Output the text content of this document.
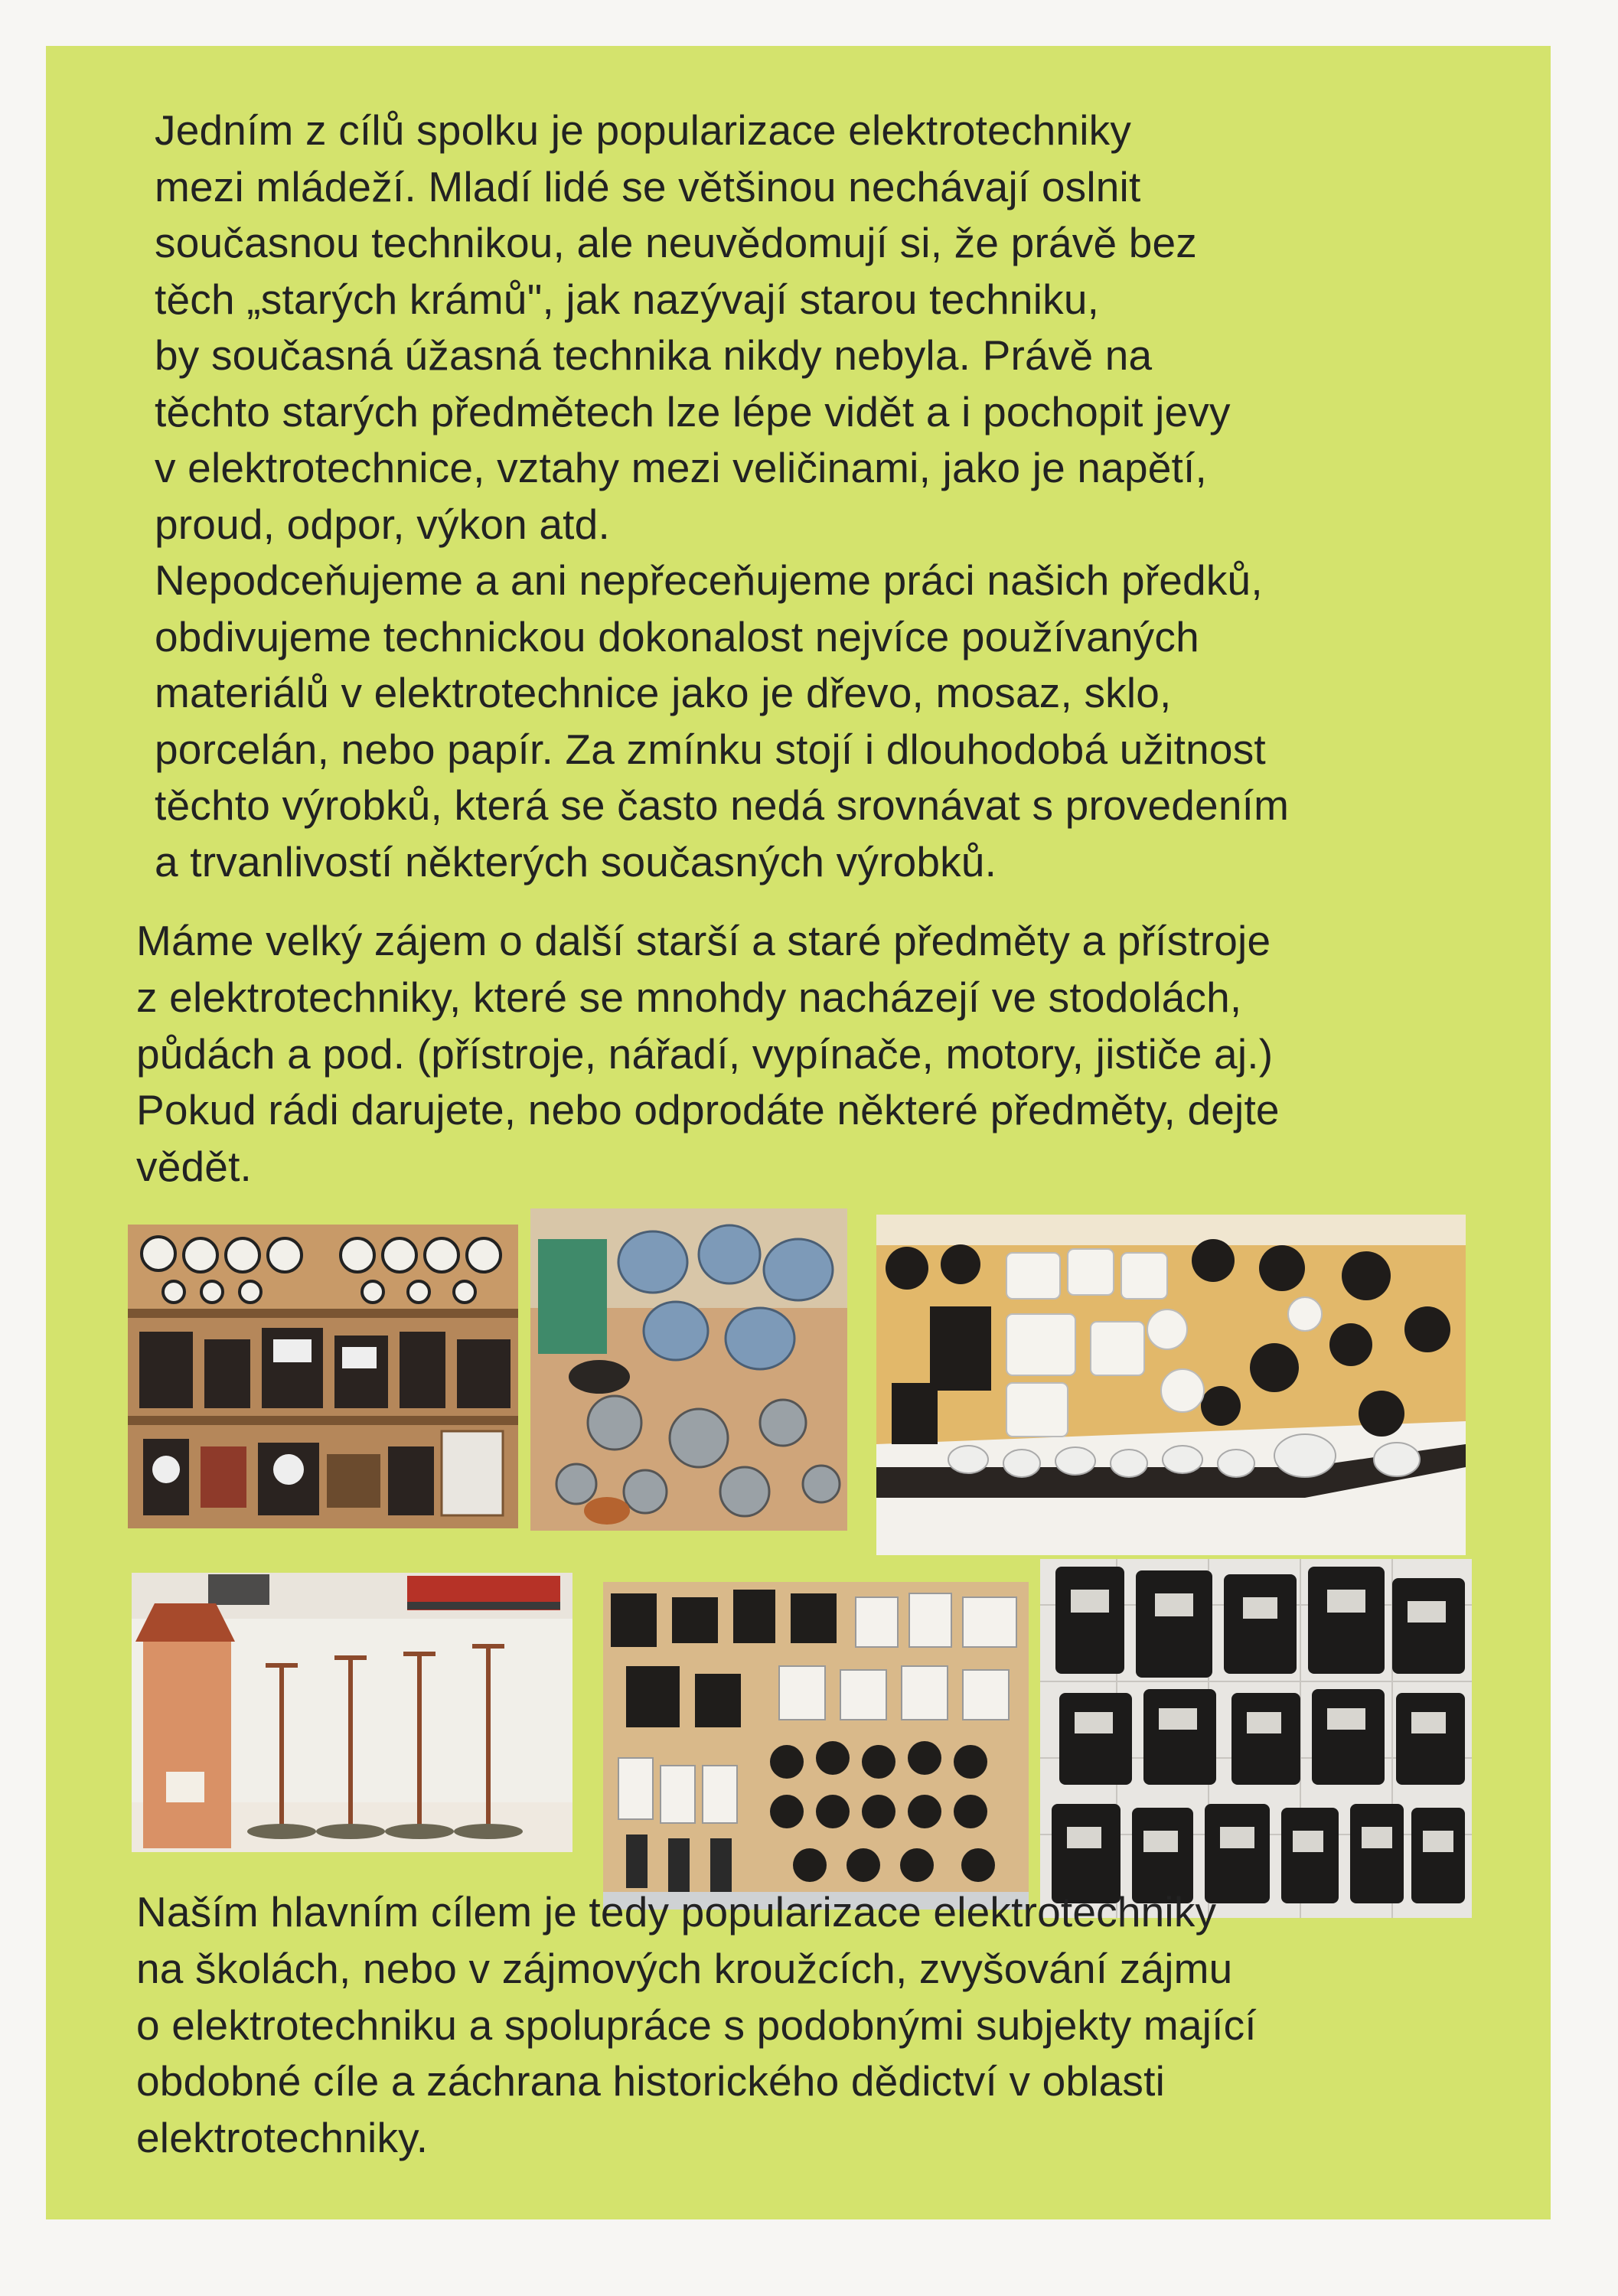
Jedním z cílů spolku je popularizace elektrotechniky
mezi mládeží. Mladí lidé se většinou nechávají oslnit
současnou technikou, ale neuvědomují si, že právě bez
těch „starých krámů", jak nazývají starou techniku,
by současná úžasná technika nikdy nebyla. Právě na
těchto starých předmětech lze lépe vidět a i pochopit jevy
v elektrotechnice, vztahy mezi veličinami, jako je napětí,
proud, odpor, výkon atd.
Nepodceňujeme a ani nepřeceňujeme práci našich předků,
obdivujeme technickou dokonalost nejvíce používaných
materiálů v elektrotechnice jako je dřevo, mosaz, sklo,
porcelán, nebo papír. Za zmínku stojí i dlouhodobá užitnost
těchto výrobků, která se často nedá srovnávat s provedením
a trvanlivostí některých současných výrobků.

Máme velký zájem o další starší a staré předměty a přístroje
z elektrotechniky, které se mnohdy nacházejí ve stodolách,
půdách a pod. (přístroje, nářadí, vypínače, motory, jističe aj.)
Pokud rádi darujete, nebo odprodáte některé předměty, dejte
vědět.

Naším hlavním cílem je tedy popularizace elektrotechniky
na školách, nebo v zájmových kroužcích, zvyšování zájmu
o elektrotechniku a spolupráce s podobnými subjekty mající
obdobné cíle a záchrana historického dědictví v oblasti
elektrotechniky.
